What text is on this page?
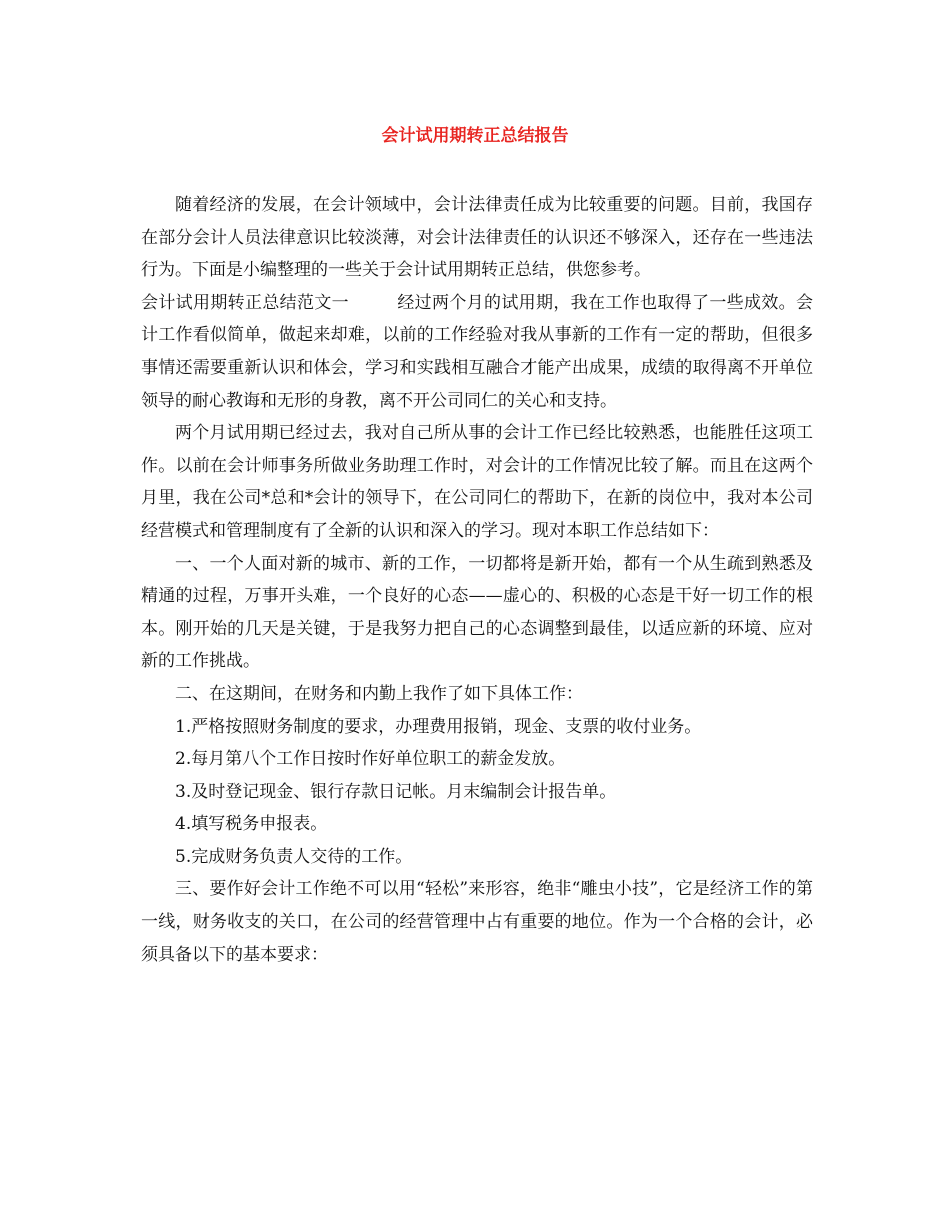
会计试用期转正总结报告

随着经济的发展，在会计领域中，会计法律责任成为比较重要的问题。目前，我国存在部分会计人员法律意识比较淡薄，对会计法律责任的认识还不够深入，还存在一些违法行为。下面是小编整理的一些关于会计试用期转正总结，供您参考。

会计试用期转正总结范文一	经过两个月的试用期，我在工作也取得了一些成效。会计工作看似简单，做起来却难，以前的工作经验对我从事新的工作有一定的帮助，但很多事情还需要重新认识和体会，学习和实践相互融合才能产出成果，成绩的取得离不开单位领导的耐心教诲和无形的身教，离不开公司同仁的关心和支持。

两个月试用期已经过去，我对自己所从事的会计工作已经比较熟悉，也能胜任这项工作。以前在会计师事务所做业务助理工作时，对会计的工作情况比较了解。而且在这两个月里，我在公司*总和*会计的领导下，在公司同仁的帮助下，在新的岗位中，我对本公司经营模式和管理制度有了全新的认识和深入的学习。现对本职工作总结如下：

一、一个人面对新的城市、新的工作，一切都将是新开始，都有一个从生疏到熟悉及精通的过程，万事开头难，一个良好的心态——虚心的、积极的心态是干好一切工作的根本。刚开始的几天是关键，于是我努力把自己的心态调整到最佳，以适应新的环境、应对新的工作挑战。

二、在这期间，在财务和内勤上我作了如下具体工作：

1.严格按照财务制度的要求，办理费用报销，现金、支票的收付业务。

2.每月第八个工作日按时作好单位职工的薪金发放。

3.及时登记现金、银行存款日记帐。月末编制会计报告单。

4.填写税务申报表。

5.完成财务负责人交待的工作。

三、要作好会计工作绝不可以用“轻松”来形容，绝非“雕虫小技”，它是经济工作的第一线，财务收支的关口，在公司的经营管理中占有重要的地位。作为一个合格的会计，必须具备以下的基本要求：
